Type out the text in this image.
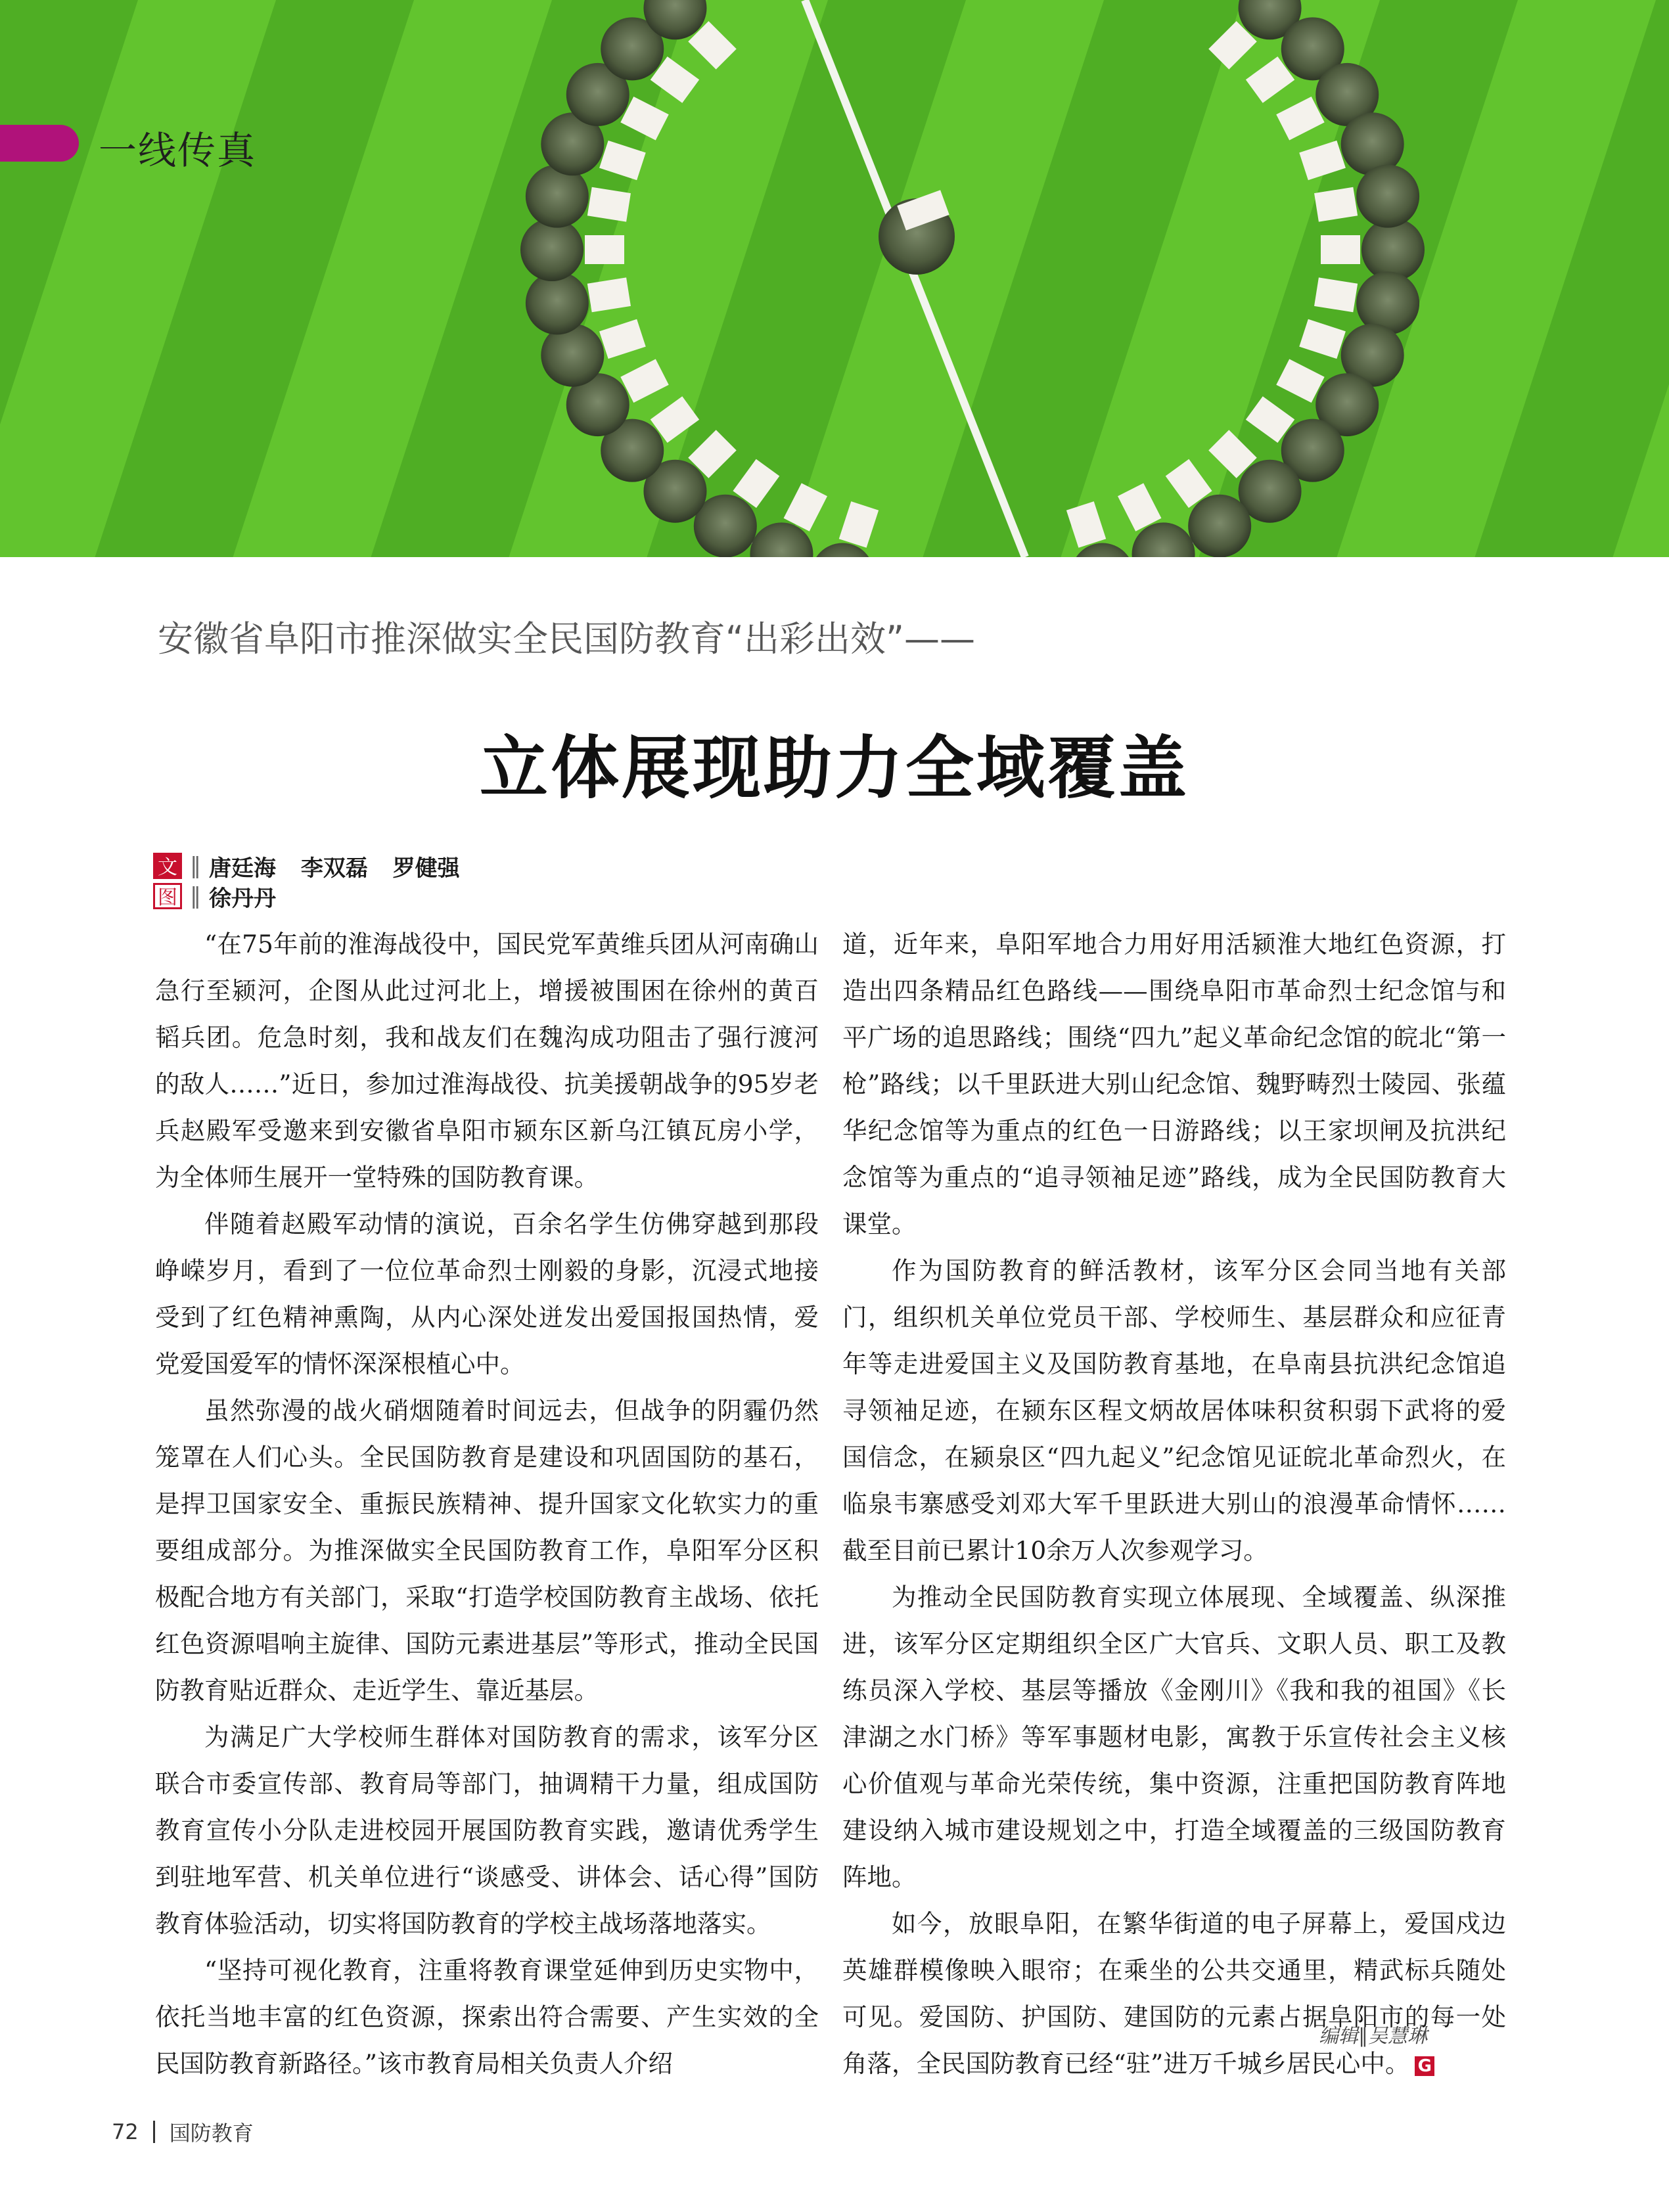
一线传真
安徽省阜阳市推深做实全民国防教育“出彩出效”——
立体展现助力全域覆盖
文 ‖ 唐廷海 李双磊 罗健强
图 ‖ 徐丹丹

“在75年前的淮海战役中，国民党军黄维兵团从河南确山急行至颍河，企图从此过河北上，增援被围困在徐州的黄百韬兵团。危急时刻，我和战友们在魏沟成功阻击了强行渡河的敌人……”近日，参加过淮海战役、抗美援朝战争的95岁老兵赵殿军受邀来到安徽省阜阳市颍东区新乌江镇瓦房小学，为全体师生展开一堂特殊的国防教育课。

伴随着赵殿军动情的演说，百余名学生仿佛穿越到那段峥嵘岁月，看到了一位位革命烈士刚毅的身影，沉浸式地接受到了红色精神熏陶，从内心深处迸发出爱国报国热情，爱党爱国爱军的情怀深深根植心中。

虽然弥漫的战火硝烟随着时间远去，但战争的阴霾仍然笼罩在人们心头。全民国防教育是建设和巩固国防的基石，是捍卫国家安全、重振民族精神、提升国家文化软实力的重要组成部分。为推深做实全民国防教育工作，阜阳军分区积极配合地方有关部门，采取“打造学校国防教育主战场、依托红色资源唱响主旋律、国防元素进基层”等形式，推动全民国防教育贴近群众、走近学生、靠近基层。

为满足广大学校师生群体对国防教育的需求，该军分区联合市委宣传部、教育局等部门，抽调精干力量，组成国防教育宣传小分队走进校园开展国防教育实践，邀请优秀学生到驻地军营、机关单位进行“谈感受、讲体会、话心得”国防教育体验活动，切实将国防教育的学校主战场落地落实。

“坚持可视化教育，注重将教育课堂延伸到历史实物中，依托当地丰富的红色资源，探索出符合需要、产生实效的全民国防教育新路径。”该市教育局相关负责人介绍

道，近年来，阜阳军地合力用好用活颍淮大地红色资源，打造出四条精品红色路线——围绕阜阳市革命烈士纪念馆与和平广场的追思路线；围绕“四九”起义革命纪念馆的皖北“第一枪”路线；以千里跃进大别山纪念馆、魏野畴烈士陵园、张蕴华纪念馆等为重点的红色一日游路线；以王家坝闸及抗洪纪念馆等为重点的“追寻领袖足迹”路线，成为全民国防教育大课堂。

作为国防教育的鲜活教材，该军分区会同当地有关部门，组织机关单位党员干部、学校师生、基层群众和应征青年等走进爱国主义及国防教育基地，在阜南县抗洪纪念馆追寻领袖足迹，在颍东区程文炳故居体味积贫积弱下武将的爱国信念，在颍泉区“四九起义”纪念馆见证皖北革命烈火，在临泉韦寨感受刘邓大军千里跃进大别山的浪漫革命情怀……截至目前已累计10余万人次参观学习。

为推动全民国防教育实现立体展现、全域覆盖、纵深推进，该军分区定期组织全区广大官兵、文职人员、职工及教练员深入学校、基层等播放《金刚川》《我和我的祖国》《长津湖之水门桥》等军事题材电影，寓教于乐宣传社会主义核心价值观与革命光荣传统，集中资源，注重把国防教育阵地建设纳入城市建设规划之中，打造全域覆盖的三级国防教育阵地。

如今，放眼阜阳，在繁华街道的电子屏幕上，爱国戍边英雄群模像映入眼帘；在乘坐的公共交通里，精武标兵随处可见。爱国防、护国防、建国防的元素占据阜阳市的每一处角落，全民国防教育已经“驻”进万千城乡居民心中。 G

编辑∥吴慧琳
72 国防教育
